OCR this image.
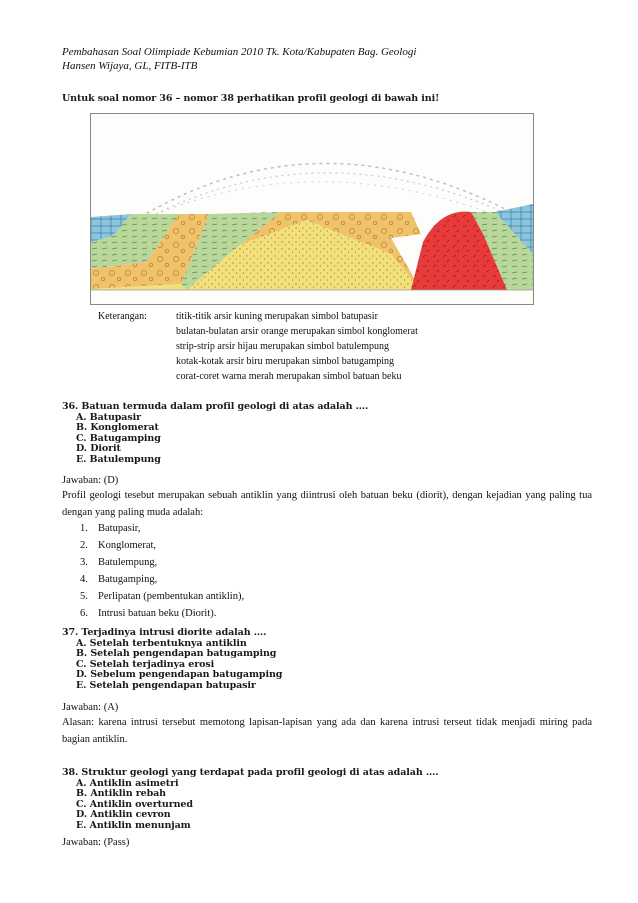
Pembahasan Soal Olimpiade Kebumian 2010 Tk. Kota/Kabupaten Bag. Geologi
Hansen Wijaya, GL, FITB-ITB
Untuk soal nomor 36 – nomor 38 perhatikan profil geologi di bawah ini!
Keterangan:	titik-titik arsir kuning merupakan simbol batupasir
bulatan-bulatan arsir orange merupakan simbol konglomerat
strip-strip arsir hijau merupakan simbol batulempung
kotak-kotak arsir biru merupakan simbol batugamping
corat-coret warna merah merupakan simbol batuan beku
36. Batuan termuda dalam profil geologi di atas adalah ….
A. Batupasir
B. Konglomerat
C. Batugamping
D. Diorit
E. Batulempung
Jawaban: (D)
Profil geologi tesebut merupakan sebuah antiklin yang diintrusi oleh batuan beku (diorit), dengan kejadian yang paling tua dengan yang paling muda adalah:
1. Batupasir,
2. Konglomerat,
3. Batulempung,
4. Batugamping,
5. Perlipatan (pembentukan antiklin),
6. Intrusi batuan beku (Diorit).
37. Terjadinya intrusi diorite adalah ….
A. Setelah terbentuknya antiklin
B. Setelah pengendapan batugamping
C. Setelah terjadinya erosi
D. Sebelum pengendapan batugamping
E. Setelah pengendapan batupasir
Jawaban: (A)
Alasan: karena intrusi tersebut memotong lapisan-lapisan yang ada dan karena intrusi terseut tidak menjadi miring pada bagian antiklin.
38. Struktur geologi yang terdapat pada profil geologi di atas adalah ….
A. Antiklin asimetri
B. Antiklin rebah
C. Antiklin overturned
D. Antiklin cevron
E. Antiklin menunjam
Jawaban: (Pass)
